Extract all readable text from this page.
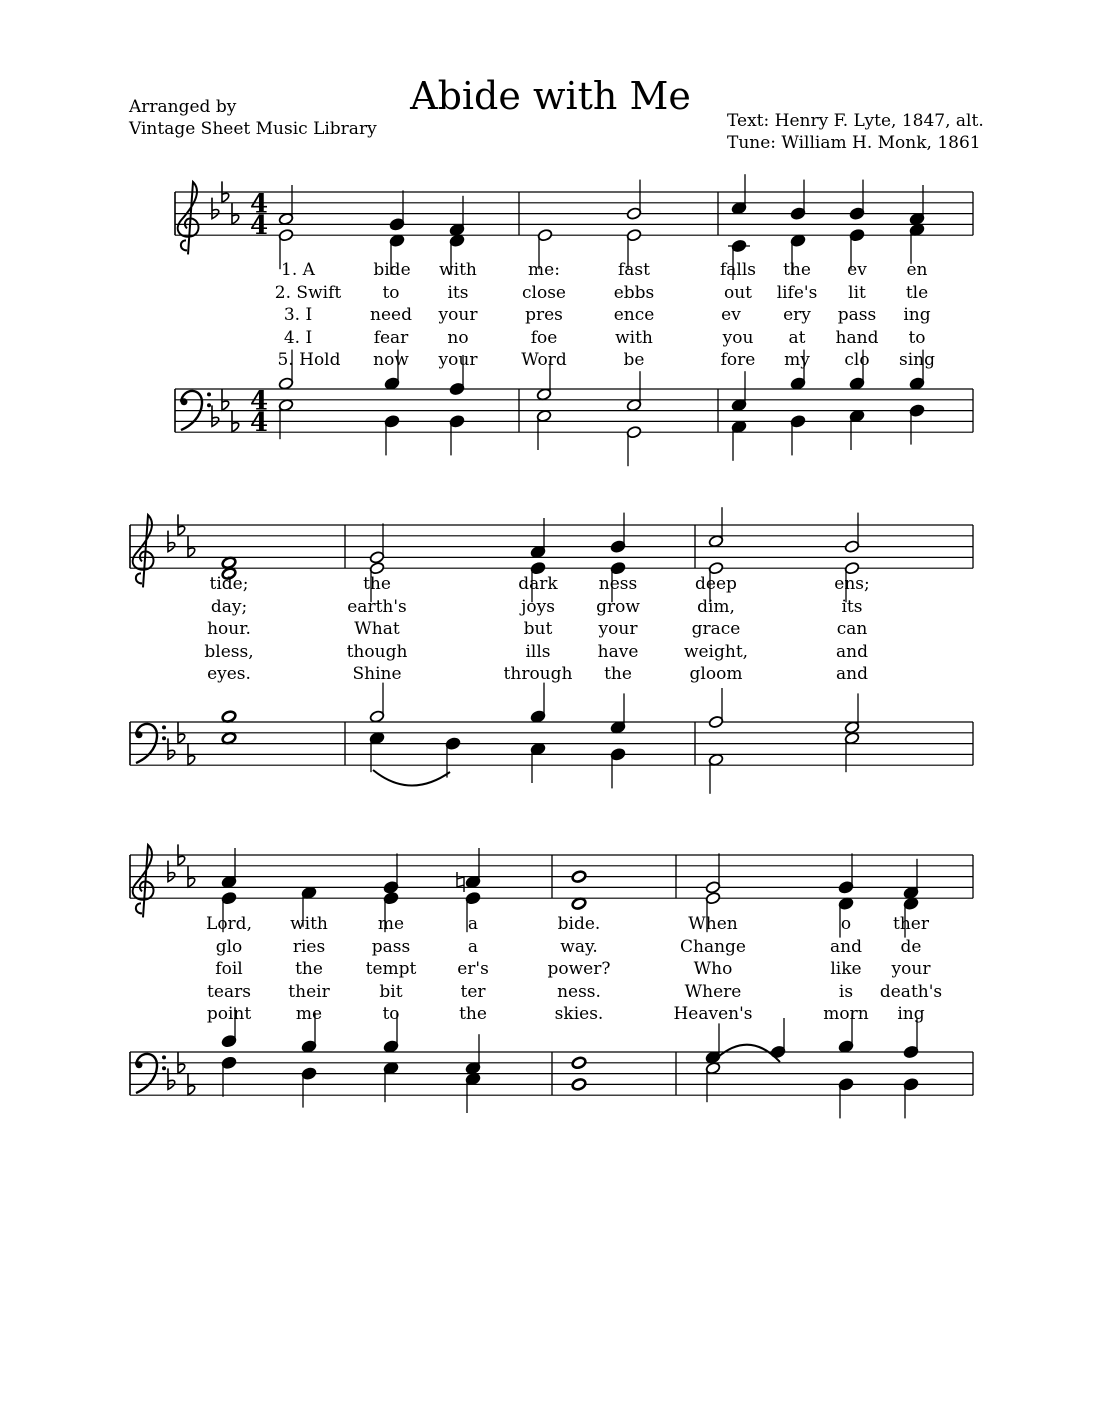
Abide with Me
Arranged by
Vintage Sheet Music Library	Text: Henry F. Lyte, 1847, alt.
Tune: William H. Monk, 1861
4
4
4
4
1. A	bide with	me:	fast	falls the ev en
2. Swift to	its	close	ebbs	out life's lit tle
3. I	need your	pres	ence	ev ery pass ing
4. I	fear no	foe	with	you at hand to
5. Hold now your	Word	be	fore my clo sing
tide;	the	dark ness	deep	ens;
day;	earth's	joys grow	dim,	its
hour.	What	but	your	grace	can
bless,	though	ills	have	weight,	and
eyes.	Shine	through the	gloom	and
Lord, with	me	a	bide.	When	o ther
glo	ries	pass	a	way.	Change	and de
foil	the	tempt er's	power?	Who	like your
tears their	bit	ter	ness.	Where	is death's
point	me	to	the	skies.	Heaven's	morn ing
